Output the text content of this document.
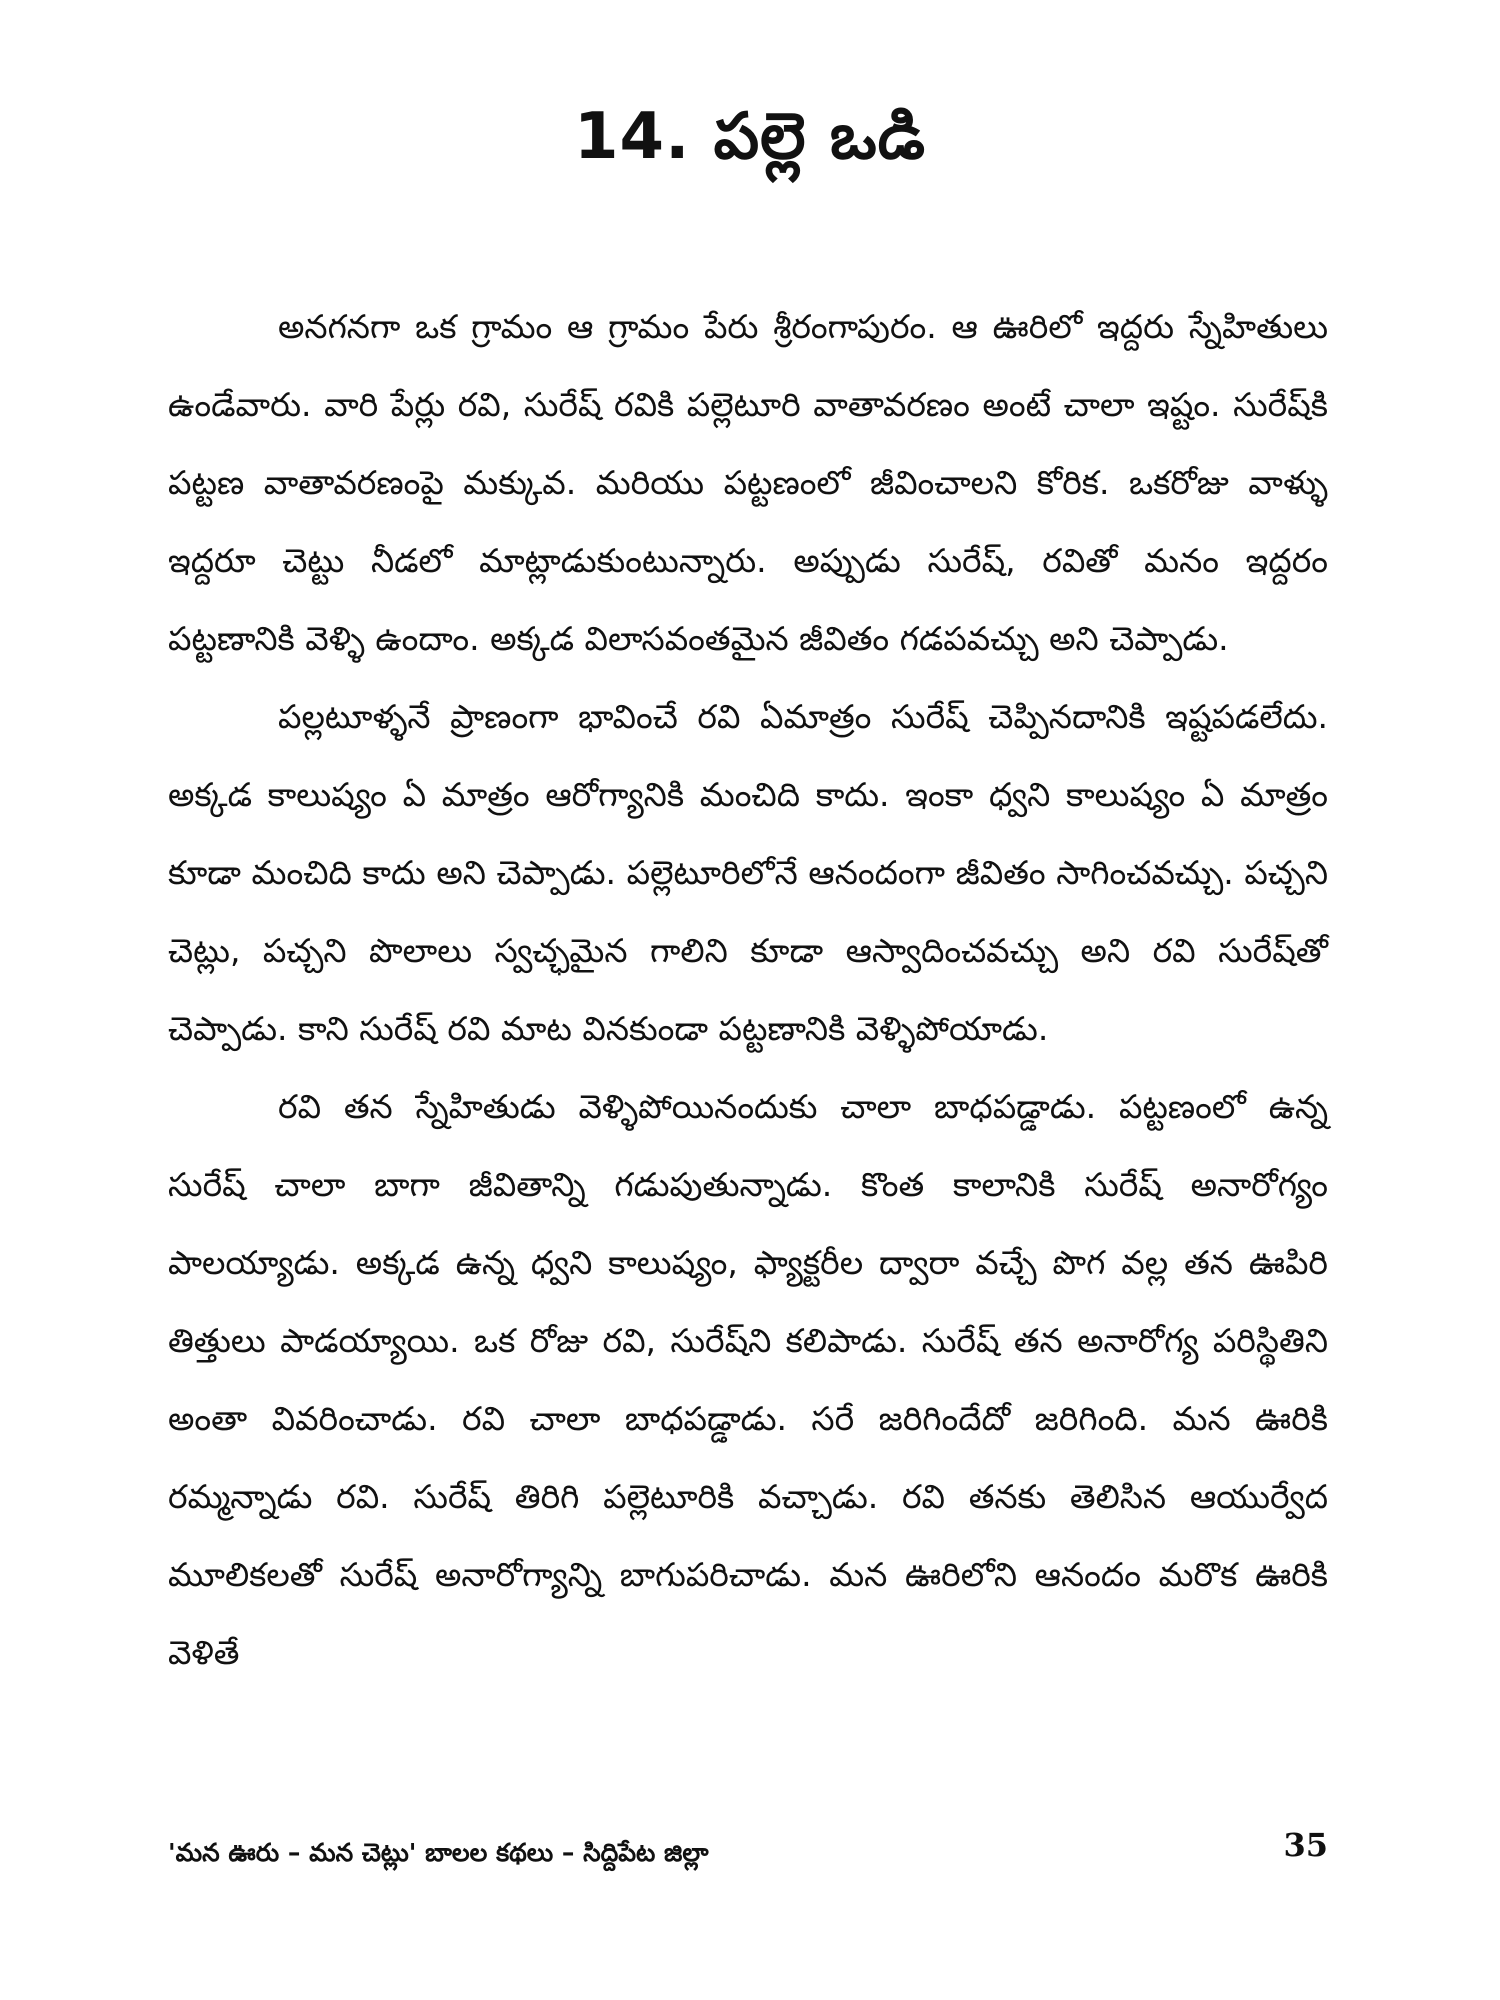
14. పల్లె ఒడి

అనగనగా ఒక గ్రామం ఆ గ్రామం పేరు శ్రీరంగాపురం. ఆ ఊరిలో ఇద్దరు స్నేహితులు ఉండేవారు. వారి పేర్లు రవి, సురేష్ రవికి పల్లెటూరి వాతావరణం అంటే చాలా ఇష్టం. సురేష్‌కి పట్టణ వాతావరణంపై మక్కువ. మరియు పట్టణంలో జీవించాలని కోరిక. ఒకరోజు వాళ్ళు ఇద్దరూ చెట్టు నీడలో మాట్లాడుకుంటున్నారు. అప్పుడు సురేష్, రవితో మనం ఇద్దరం పట్టణానికి వెళ్ళి ఉందాం. అక్కడ విలాసవంతమైన జీవితం గడపవచ్చు అని చెప్పాడు.

పల్లటూళ్ళనే ప్రాణంగా భావించే రవి ఏమాత్రం సురేష్ చెప్పినదానికి ఇష్టపడలేదు. అక్కడ కాలుష్యం ఏ మాత్రం ఆరోగ్యానికి మంచిది కాదు. ఇంకా ధ్వని కాలుష్యం ఏ మాత్రం కూడా మంచిది కాదు అని చెప్పాడు. పల్లెటూరిలోనే ఆనందంగా జీవితం సాగించవచ్చు. పచ్చని చెట్లు, పచ్చని పొలాలు స్వచ్ఛమైన గాలిని కూడా ఆస్వాదించవచ్చు అని రవి సురేష్‌తో చెప్పాడు. కాని సురేష్ రవి మాట వినకుండా పట్టణానికి వెళ్ళిపోయాడు.

రవి తన స్నేహితుడు వెళ్ళిపోయినందుకు చాలా బాధపడ్డాడు. పట్టణంలో ఉన్న సురేష్ చాలా బాగా జీవితాన్ని గడుపుతున్నాడు. కొంత కాలానికి సురేష్ అనారోగ్యం పాలయ్యాడు. అక్కడ ఉన్న ధ్వని కాలుష్యం, ఫ్యాక్టరీల ద్వారా వచ్చే పొగ వల్ల తన ఊపిరి తిత్తులు పాడయ్యాయి. ఒక రోజు రవి, సురేష్‌ని కలిపాడు. సురేష్ తన అనారోగ్య పరిస్థితిని అంతా వివరించాడు. రవి చాలా బాధపడ్డాడు. సరే జరిగిందేదో జరిగింది. మన ఊరికి రమ్మన్నాడు రవి. సురేష్ తిరిగి పల్లెటూరికి వచ్చాడు. రవి తనకు తెలిసిన ఆయుర్వేద మూలికలతో సురేష్ అనారోగ్యాన్ని బాగుపరిచాడు. మన ఊరిలోని ఆనందం మరొక ఊరికి వెళితే

'మన ఊరు – మన చెట్లు' బాలల కథలు – సిద్దిపేట జిల్లా	35
